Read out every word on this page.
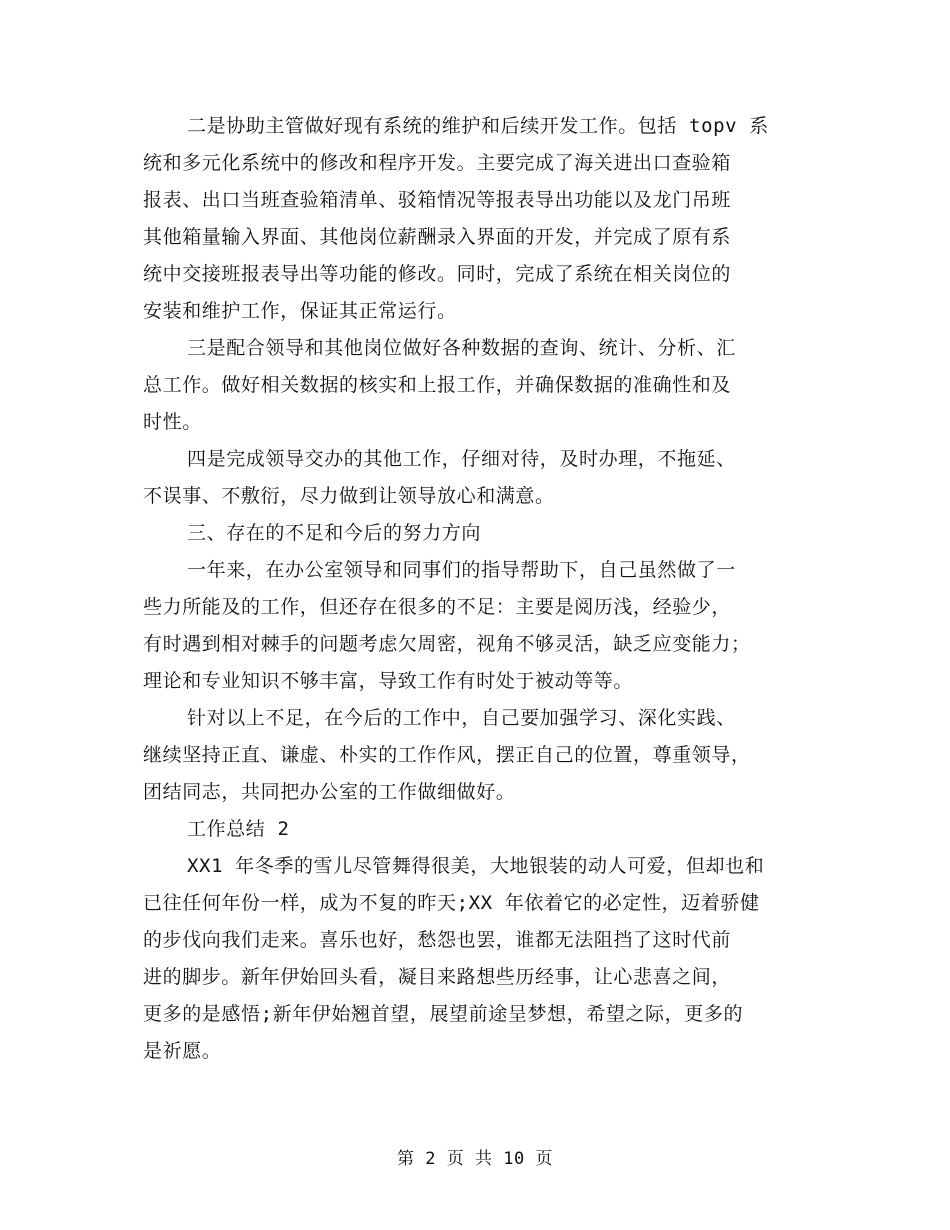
二是协助主管做好现有系统的维护和后续开发工作。包括 topv 系
统和多元化系统中的修改和程序开发。主要完成了海关进出口查验箱
报表、出口当班查验箱清单、驳箱情况等报表导出功能以及龙门吊班
其他箱量输入界面、其他岗位薪酬录入界面的开发，并完成了原有系
统中交接班报表导出等功能的修改。同时，完成了系统在相关岗位的
安装和维护工作，保证其正常运行。
三是配合领导和其他岗位做好各种数据的查询、统计、分析、汇
总工作。做好相关数据的核实和上报工作，并确保数据的准确性和及
时性。
四是完成领导交办的其他工作，仔细对待，及时办理，不拖延、
不误事、不敷衍，尽力做到让领导放心和满意。
三、存在的不足和今后的努力方向
一年来，在办公室领导和同事们的指导帮助下，自己虽然做了一
些力所能及的工作，但还存在很多的不足：主要是阅历浅，经验少，
有时遇到相对棘手的问题考虑欠周密，视角不够灵活，缺乏应变能力；
理论和专业知识不够丰富，导致工作有时处于被动等等。
针对以上不足，在今后的工作中，自己要加强学习、深化实践、
继续坚持正直、谦虚、朴实的工作作风，摆正自己的位置，尊重领导，
团结同志，共同把办公室的工作做细做好。
工作总结 2
XX1 年冬季的雪儿尽管舞得很美，大地银装的动人可爱，但却也和
已往任何年份一样，成为不复的昨天;XX 年依着它的必定性，迈着骄健
的步伐向我们走来。喜乐也好，愁怨也罢，谁都无法阻挡了这时代前
进的脚步。新年伊始回头看，凝目来路想些历经事，让心悲喜之间，
更多的是感悟;新年伊始翘首望，展望前途呈梦想，希望之际，更多的
是祈愿。
第 2 页 共 10 页
